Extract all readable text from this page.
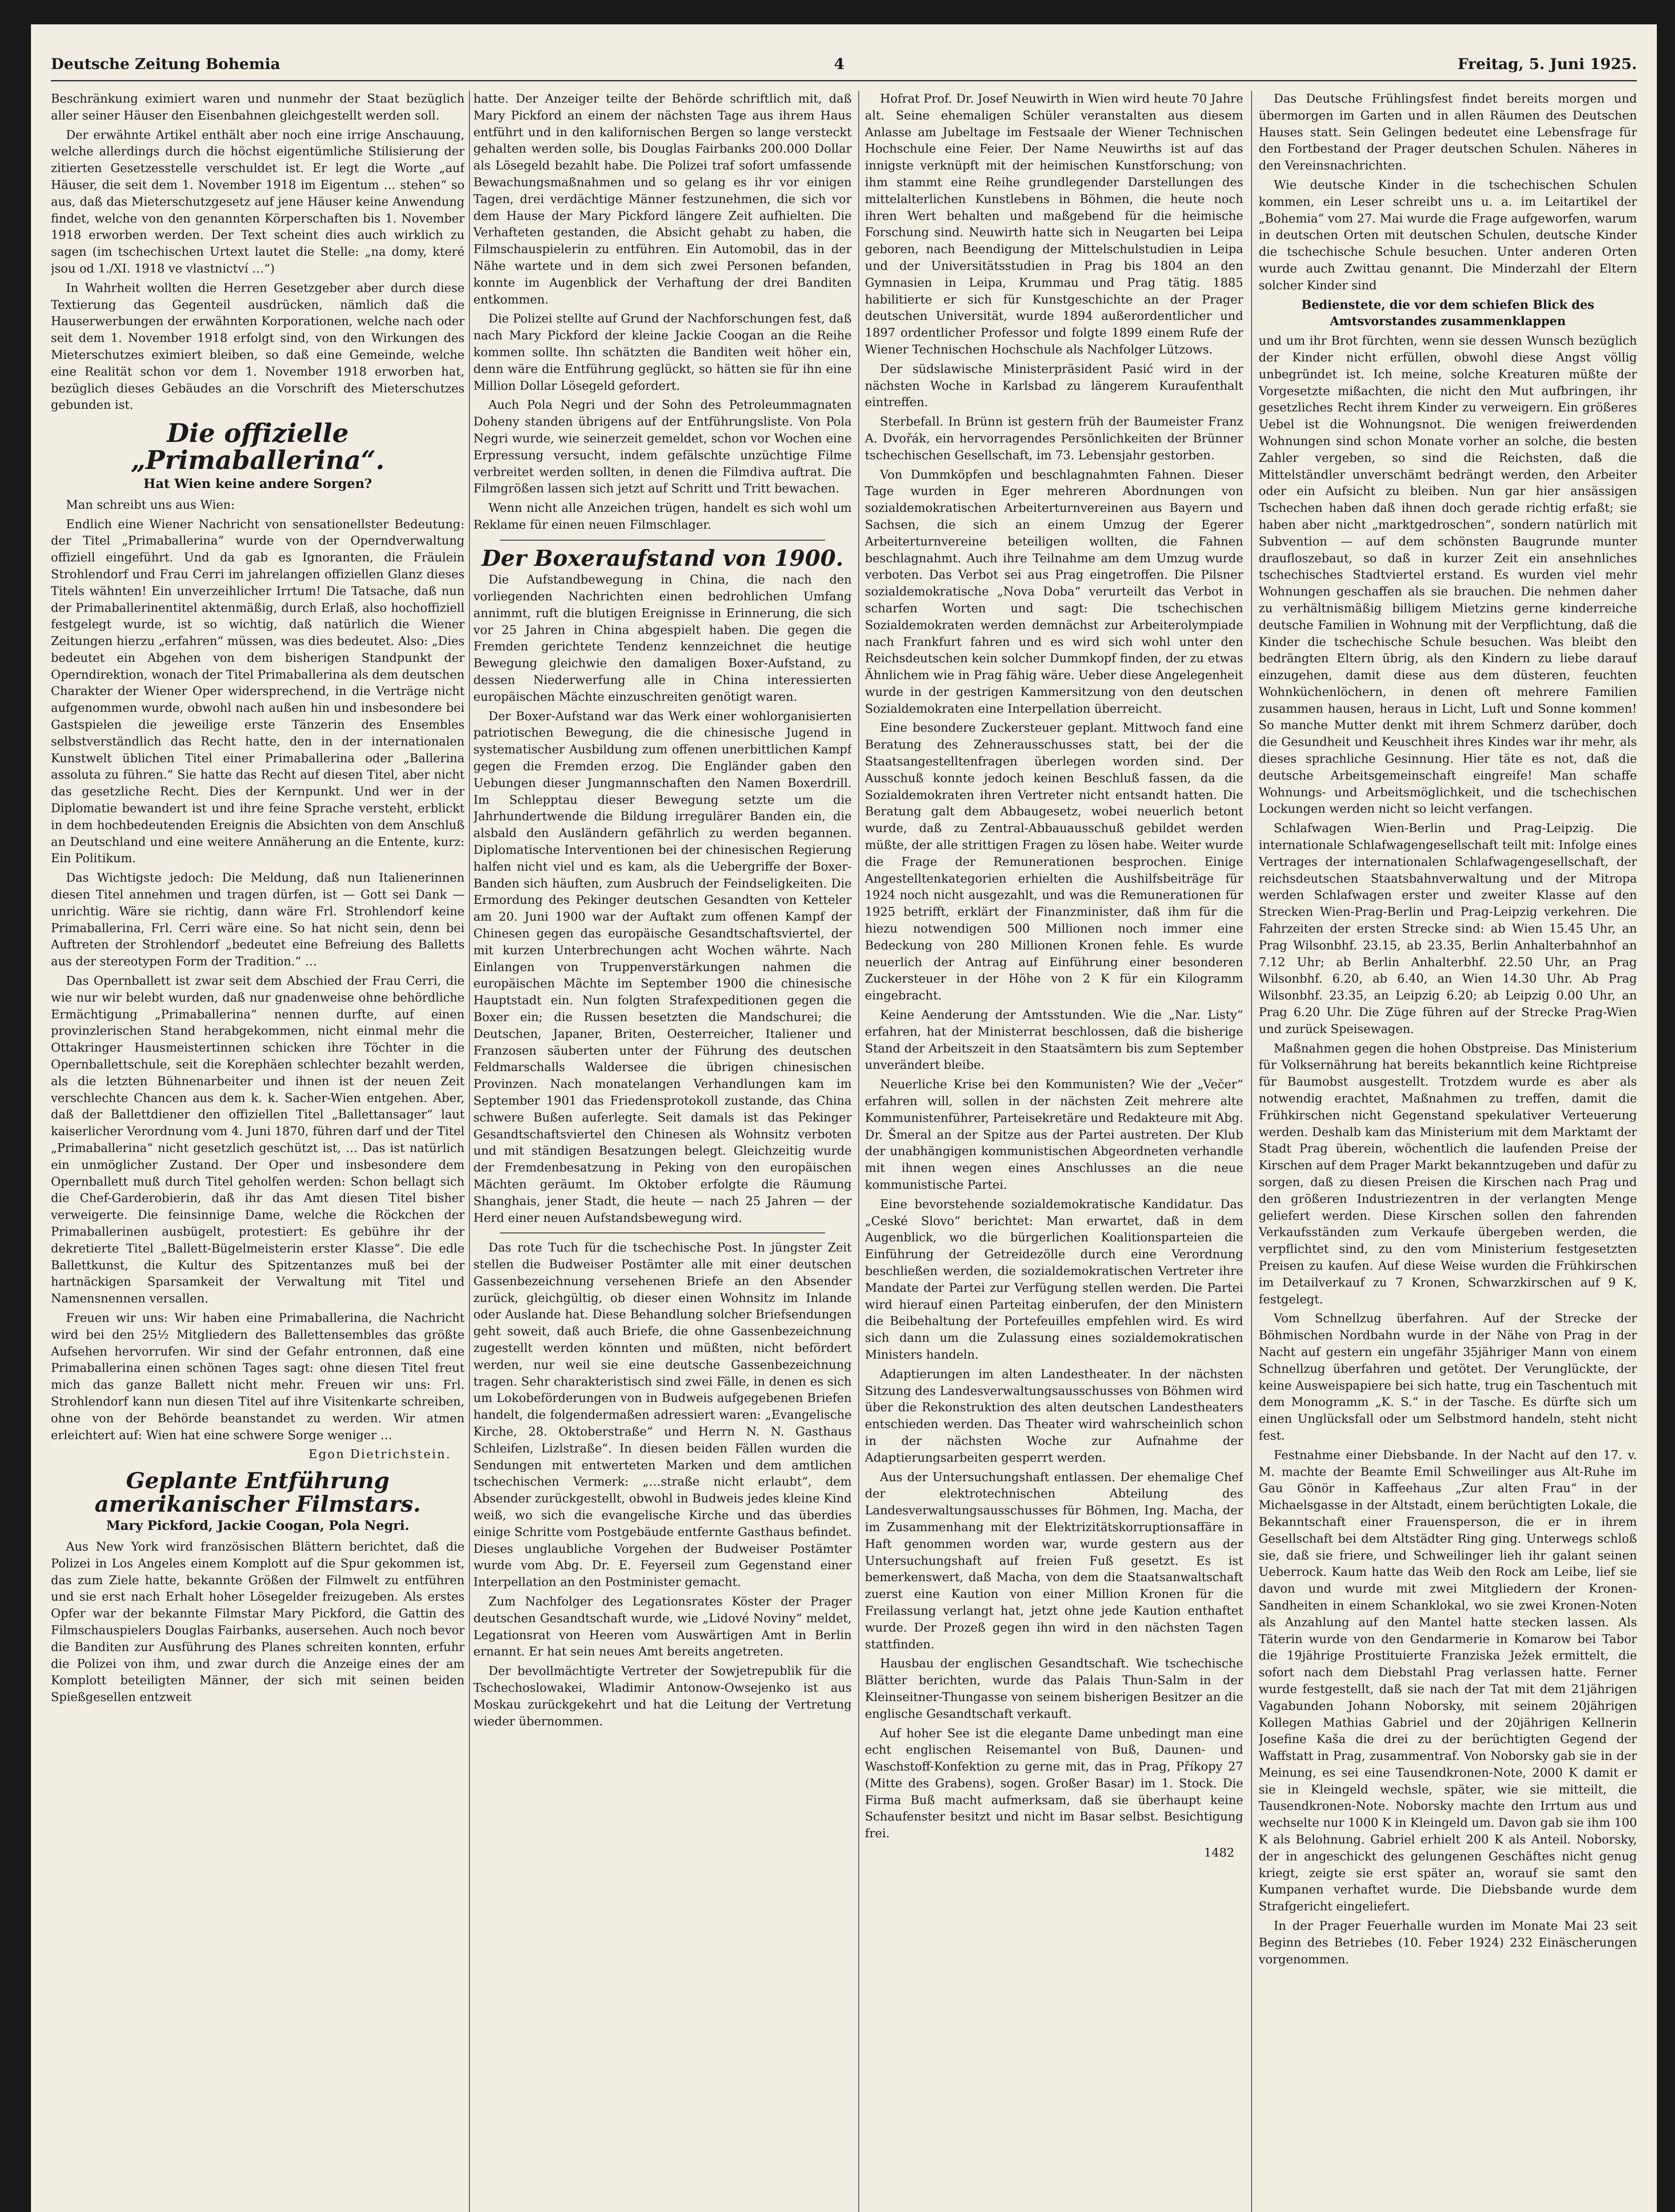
Deutsche Zeitung Bohemia	4	Freitag, 5. Juni 1925.

Beschränkung eximiert waren und nunmehr der Staat bezüglich aller seiner Häuser den Eisenbahnen gleichgestellt werden soll.

Der erwähnte Artikel enthält aber noch eine irrige Anschauung, welche allerdings durch die höchst eigentümliche Stilisierung der zitierten Gesetzesstelle verschuldet ist. Er legt die Worte „auf Häuser, die seit dem 1. November 1918 im Eigentum … stehen“ so aus, daß das Mieterschutzgesetz auf jene Häuser keine Anwendung findet, welche von den genannten Körperschaften bis 1. November 1918 erworben werden. Der Text scheint dies auch wirklich zu sagen (im tschechischen Urtext lautet die Stelle: „na domy, které jsou od 1./XI. 1918 ve vlastnictví …“)

In Wahrheit wollten die Herren Gesetzgeber aber durch diese Textierung das Gegenteil ausdrücken, nämlich daß die Hauserwerbungen der erwähnten Korporationen, welche nach oder seit dem 1. November 1918 erfolgt sind, von den Wirkungen des Mieterschutzes eximiert bleiben, so daß eine Gemeinde, welche eine Realität schon vor dem 1. November 1918 erworben hat, bezüglich dieses Gebäudes an die Vorschrift des Mieterschutzes gebunden ist.

Die offizielle „Primaballerina“.
Hat Wien keine andere Sorgen?

Man schreibt uns aus Wien:

Endlich eine Wiener Nachricht von sensationellster Bedeutung: der Titel „Primaballerina“ wurde von der Operndverwaltung offiziell eingeführt. Und da gab es Ignoranten, die Fräulein Strohlendorf und Frau Cerri im jahrelangen offiziellen Glanz dieses Titels wähnten! Ein unverzeihlicher Irrtum! Die Tatsache, daß nun der Primaballerinentitel aktenmäßig, durch Erlaß, also hochoffiziell festgelegt wurde, ist so wichtig, daß natürlich die Wiener Zeitungen hierzu „erfahren“ müssen, was dies bedeutet. Also: „Dies bedeutet ein Abgehen von dem bisherigen Standpunkt der Operndirektion, wonach der Titel Primaballerina als dem deutschen Charakter der Wiener Oper widersprechend, in die Verträge nicht aufgenommen wurde, obwohl nach außen hin und insbesondere bei Gastspielen die jeweilige erste Tänzerin des Ensembles selbstverständlich das Recht hatte, den in der internationalen Kunstwelt üblichen Titel einer Primaballerina oder „Ballerina assoluta zu führen.“ Sie hatte das Recht auf diesen Titel, aber nicht das gesetzliche Recht. Dies der Kernpunkt. Und wer in der Diplomatie bewandert ist und ihre feine Sprache versteht, erblickt in dem hochbedeutenden Ereignis die Absichten von dem Anschluß an Deutschland und eine weitere Annäherung an die Entente, kurz: Ein Politikum.

Das Wichtigste jedoch: Die Meldung, daß nun Italienerinnen diesen Titel annehmen und tragen dürfen, ist — Gott sei Dank — unrichtig. Wäre sie richtig, dann wäre Frl. Strohlendorf keine Primaballerina, Frl. Cerri wäre eine. So hat nicht sein, denn bei Auftreten der Strohlendorf „bedeutet eine Befreiung des Balletts aus der stereotypen Form der Tradition.“ …

Das Opernballett ist zwar seit dem Abschied der Frau Cerri, die wie nur wir belebt wurden, daß nur gnadenweise ohne behördliche Ermächtigung „Primaballerina“ nennen durfte, auf einen provinzlerischen Stand herabgekommen, nicht einmal mehr die Ottakringer Hausmeistertinnen schicken ihre Töchter in die Opernballettschule, seit die Korephäen schlechter bezahlt werden, als die letzten Bühnenarbeiter und ihnen ist der neuen Zeit verschlechte Chancen aus dem k. k. Sacher-Wien entgehen. Aber, daß der Ballettdiener den offiziellen Titel „Ballettansager“ laut kaiserlicher Verordnung vom 4. Juni 1870, führen darf und der Titel „Primaballerina“ nicht gesetzlich geschützt ist, … Das ist natürlich ein unmöglicher Zustand. Der Oper und insbesondere dem Opernballett muß durch Titel geholfen werden: Schon bellagt sich die Chef-Garderobierin, daß ihr das Amt diesen Titel bisher verweigerte. Die feinsinnige Dame, welche die Röckchen der Primaballerinen ausbügelt, protestiert: Es gebühre ihr der dekretierte Titel „Ballett-Bügelmeisterin erster Klasse“. Die edle Ballettkunst, die Kultur des Spitzentanzes muß bei der hartnäckigen Sparsamkeit der Verwaltung mit Titel und Namensnennen versallen.

Freuen wir uns: Wir haben eine Primaballerina, die Nachricht wird bei den 25½ Mitgliedern des Ballettensembles das größte Aufsehen hervorrufen. Wir sind der Gefahr entronnen, daß eine Primaballerina einen schönen Tages sagt: ohne diesen Titel freut mich das ganze Ballett nicht mehr. Freuen wir uns: Frl. Strohlendorf kann nun diesen Titel auf ihre Visitenkarte schreiben, ohne von der Behörde beanstandet zu werden. Wir atmen erleichtert auf: Wien hat eine schwere Sorge weniger …

Egon Dietrichstein.
Geplante Entführung amerikanischer Filmstars.
Mary Pickford, Jackie Coogan, Pola Negri.

Aus New York wird französischen Blättern berichtet, daß die Polizei in Los Angeles einem Komplott auf die Spur gekommen ist, das zum Ziele hatte, bekannte Größen der Filmwelt zu entführen und sie erst nach Erhalt hoher Lösegelder freizugeben. Als erstes Opfer war der bekannte Filmstar Mary Pickford, die Gattin des Filmschauspielers Douglas Fairbanks, ausersehen. Auch noch bevor die Banditen zur Ausführung des Planes schreiten konnten, erfuhr die Polizei von ihm, und zwar durch die Anzeige eines der am Komplott beteiligten Männer, der sich mit seinen beiden Spießgesellen entzweit

hatte. Der Anzeiger teilte der Behörde schriftlich mit, daß Mary Pickford an einem der nächsten Tage aus ihrem Haus entführt und in den kalifornischen Bergen so lange versteckt gehalten werden solle, bis Douglas Fairbanks 200.000 Dollar als Lösegeld bezahlt habe. Die Polizei traf sofort umfassende Bewachungsmaßnahmen und so gelang es ihr vor einigen Tagen, drei verdächtige Männer festzunehmen, die sich vor dem Hause der Mary Pickford längere Zeit aufhielten. Die Verhafteten gestanden, die Absicht gehabt zu haben, die Filmschauspielerin zu entführen. Ein Automobil, das in der Nähe wartete und in dem sich zwei Personen befanden, konnte im Augenblick der Verhaftung der drei Banditen entkommen.

Die Polizei stellte auf Grund der Nachforschungen fest, daß nach Mary Pickford der kleine Jackie Coogan an die Reihe kommen sollte. Ihn schätzten die Banditen weit höher ein, denn wäre die Entführung geglückt, so hätten sie für ihn eine Million Dollar Lösegeld gefordert.

Auch Pola Negri und der Sohn des Petroleummagnaten Doheny standen übrigens auf der Entführungsliste. Von Pola Negri wurde, wie seinerzeit gemeldet, schon vor Wochen eine Erpressung versucht, indem gefälschte unzüchtige Filme verbreitet werden sollten, in denen die Filmdiva auftrat. Die Filmgrößen lassen sich jetzt auf Schritt und Tritt bewachen.

Wenn nicht alle Anzeichen trügen, handelt es sich wohl um Reklame für einen neuen Filmschlager.

Der Boxeraufstand von 1900.

Die Aufstandbewegung in China, die nach den vorliegenden Nachrichten einen bedrohlichen Umfang annimmt, ruft die blutigen Ereignisse in Erinnerung, die sich vor 25 Jahren in China abgespielt haben. Die gegen die Fremden gerichtete Tendenz kennzeichnet die heutige Bewegung gleichwie den damaligen Boxer-Aufstand, zu dessen Niederwerfung alle in China interessierten europäischen Mächte einzuschreiten genötigt waren.

Der Boxer-Aufstand war das Werk einer wohlorganisierten patriotischen Bewegung, die die chinesische Jugend in systematischer Ausbildung zum offenen unerbittlichen Kampf gegen die Fremden erzog. Die Engländer gaben den Uebungen dieser Jungmannschaften den Namen Boxerdrill. Im Schlepptau dieser Bewegung setzte um die Jahrhundertwende die Bildung irregulärer Banden ein, die alsbald den Ausländern gefährlich zu werden begannen. Diplomatische Interventionen bei der chinesischen Regierung halfen nicht viel und es kam, als die Uebergriffe der Boxer-Banden sich häuften, zum Ausbruch der Feindseligkeiten. Die Ermordung des Pekinger deutschen Gesandten von Ketteler am 20. Juni 1900 war der Auftakt zum offenen Kampf der Chinesen gegen das europäische Gesandtschaftsviertel, der mit kurzen Unterbrechungen acht Wochen währte. Nach Einlangen von Truppenverstärkungen nahmen die europäischen Mächte im September 1900 die chinesische Hauptstadt ein. Nun folgten Strafexpeditionen gegen die Boxer ein; die Russen besetzten die Mandschurei; die Deutschen, Japaner, Briten, Oesterreicher, Italiener und Franzosen säuberten unter der Führung des deutschen Feldmarschalls Waldersee die übrigen chinesischen Provinzen. Nach monatelangen Verhandlungen kam im September 1901 das Friedensprotokoll zustande, das China schwere Bußen auferlegte. Seit damals ist das Pekinger Gesandtschaftsviertel den Chinesen als Wohnsitz verboten und mit ständigen Besatzungen belegt. Gleichzeitig wurde der Fremdenbesatzung in Peking von den europäischen Mächten geräumt. Im Oktober erfolgte die Räumung Shanghais, jener Stadt, die heute — nach 25 Jahren — der Herd einer neuen Aufstandsbewegung wird.

Das rote Tuch für die tschechische Post. In jüngster Zeit stellen die Budweiser Postämter alle mit einer deutschen Gassenbezeichnung versehenen Briefe an den Absender zurück, gleichgültig, ob dieser einen Wohnsitz im Inlande oder Auslande hat. Diese Behandlung solcher Briefsendungen geht soweit, daß auch Briefe, die ohne Gassenbezeichnung zugestellt werden könnten und müßten, nicht befördert werden, nur weil sie eine deutsche Gassenbezeichnung tragen. Sehr charakteristisch sind zwei Fälle, in denen es sich um Lokobeförderungen von in Budweis aufgegebenen Briefen handelt, die folgendermaßen adressiert waren: „Evangelische Kirche, 28. Oktoberstraße“ und Herrn N. N. Gasthaus Schleifen, Lizlstraße“. In diesen beiden Fällen wurden die Sendungen mit entwerteten Marken und dem amtlichen tschechischen Vermerk: „…straße nicht erlaubt“, dem Absender zurückgestellt, obwohl in Budweis jedes kleine Kind weiß, wo sich die evangelische Kirche und das überdies einige Schritte vom Postgebäude entfernte Gasthaus befindet. Dieses unglaubliche Vorgehen der Budweiser Postämter wurde vom Abg. Dr. E. Feyerseil zum Gegenstand einer Interpellation an den Postminister gemacht.

Zum Nachfolger des Legationsrates Köster der Prager deutschen Gesandtschaft wurde, wie „Lidové Noviny“ meldet, Legationsrat von Heeren vom Auswärtigen Amt in Berlin ernannt. Er hat sein neues Amt bereits angetreten.

Der bevollmächtigte Vertreter der Sowjetrepublik für die Tschechoslowakei, Wladimir Antonow-Owsejenko ist aus Moskau zurückgekehrt und hat die Leitung der Vertretung wieder übernommen.

Hofrat Prof. Dr. Josef Neuwirth in Wien wird heute 70 Jahre alt. Seine ehemaligen Schüler veranstalten aus diesem Anlasse am Jubeltage im Festsaale der Wiener Technischen Hochschule eine Feier. Der Name Neuwirths ist auf das innigste verknüpft mit der heimischen Kunstforschung; von ihm stammt eine Reihe grundlegender Darstellungen des mittelalterlichen Kunstlebens in Böhmen, die heute noch ihren Wert behalten und maßgebend für die heimische Forschung sind. Neuwirth hatte sich in Neugarten bei Leipa geboren, nach Beendigung der Mittelschulstudien in Leipa und der Universitätsstudien in Prag bis 1804 an den Gymnasien in Leipa, Krummau und Prag tätig. 1885 habilitierte er sich für Kunstgeschichte an der Prager deutschen Universität, wurde 1894 außerordentlicher und 1897 ordentlicher Professor und folgte 1899 einem Rufe der Wiener Technischen Hochschule als Nachfolger Lützows.

Der südslawische Ministerpräsident Pasić wird in der nächsten Woche in Karlsbad zu längerem Kuraufenthalt eintreffen.

Sterbefall. In Brünn ist gestern früh der Baumeister Franz A. Dvořák, ein hervorragendes Persönlichkeiten der Brünner tschechischen Gesellschaft, im 73. Lebensjahr gestorben.

Von Dummköpfen und beschlagnahmten Fahnen. Dieser Tage wurden in Eger mehreren Abordnungen von sozialdemokratischen Arbeiterturnvereinen aus Bayern und Sachsen, die sich an einem Umzug der Egerer Arbeiterturnvereine beteiligen wollten, die Fahnen beschlagnahmt. Auch ihre Teilnahme am dem Umzug wurde verboten. Das Verbot sei aus Prag eingetroffen. Die Pilsner sozialdemokratische „Nova Doba“ verurteilt das Verbot in scharfen Worten und sagt: Die tschechischen Sozialdemokraten werden demnächst zur Arbeiterolympiade nach Frankfurt fahren und es wird sich wohl unter den Reichsdeutschen kein solcher Dummkopf finden, der zu etwas Ähnlichem wie in Prag fähig wäre. Ueber diese Angelegenheit wurde in der gestrigen Kammersitzung von den deutschen Sozialdemokraten eine Interpellation überreicht.

Eine besondere Zuckersteuer geplant. Mittwoch fand eine Beratung des Zehnerausschusses statt, bei der die Staatsangestelltenfragen überlegen worden sind. Der Ausschuß konnte jedoch keinen Beschluß fassen, da die Sozialdemokraten ihren Vertreter nicht entsandt hatten. Die Beratung galt dem Abbaugesetz, wobei neuerlich betont wurde, daß zu Zentral-Abbauausschuß gebildet werden müßte, der alle strittigen Fragen zu lösen habe. Weiter wurde die Frage der Remunerationen besprochen. Einige Angestelltenkategorien erhielten die Aushilfsbeiträge für 1924 noch nicht ausgezahlt, und was die Remunerationen für 1925 betrifft, erklärt der Finanzminister, daß ihm für die hiezu notwendigen 500 Millionen noch immer eine Bedeckung von 280 Millionen Kronen fehle. Es wurde neuerlich der Antrag auf Einführung einer besonderen Zuckersteuer in der Höhe von 2 K für ein Kilogramm eingebracht.

Keine Aenderung der Amtsstunden. Wie die „Nar. Listy“ erfahren, hat der Ministerrat beschlossen, daß die bisherige Stand der Arbeitszeit in den Staatsämtern bis zum September unverändert bleibe.

Neuerliche Krise bei den Kommunisten? Wie der „Večer“ erfahren will, sollen in der nächsten Zeit mehrere alte Kommunistenführer, Parteisekretäre und Redakteure mit Abg. Dr. Šmeral an der Spitze aus der Partei austreten. Der Klub der unabhängigen kommunistischen Abgeordneten verhandle mit ihnen wegen eines Anschlusses an die neue kommunistische Partei.

Eine bevorstehende sozialdemokratische Kandidatur. Das „Ceské Slovo“ berichtet: Man erwartet, daß in dem Augenblick, wo die bürgerlichen Koalitionsparteien die Einführung der Getreidezölle durch eine Verordnung beschließen werden, die sozialdemokratischen Vertreter ihre Mandate der Partei zur Verfügung stellen werden. Die Partei wird hierauf einen Parteitag einberufen, der den Ministern die Beibehaltung der Portefeuilles empfehlen wird. Es wird sich dann um die Zulassung eines sozialdemokratischen Ministers handeln.

Adaptierungen im alten Landestheater. In der nächsten Sitzung des Landesverwaltungsausschusses von Böhmen wird über die Rekonstruktion des alten deutschen Landestheaters entschieden werden. Das Theater wird wahrscheinlich schon in der nächsten Woche zur Aufnahme der Adaptierungsarbeiten gesperrt werden.

Aus der Untersuchungshaft entlassen. Der ehemalige Chef der elektrotechnischen Abteilung des Landesverwaltungsausschusses für Böhmen, Ing. Macha, der im Zusammenhang mit der Elektrizitätskorruptionsaffäre in Haft genommen worden war, wurde gestern aus der Untersuchungshaft auf freien Fuß gesetzt. Es ist bemerkenswert, daß Macha, von dem die Staatsanwaltschaft zuerst eine Kaution von einer Million Kronen für die Freilassung verlangt hat, jetzt ohne jede Kaution enthaftet wurde. Der Prozeß gegen ihn wird in den nächsten Tagen stattfinden.

Hausbau der englischen Gesandtschaft. Wie tschechische Blätter berichten, wurde das Palais Thun-Salm in der Kleinseitner-Thungasse von seinem bisherigen Besitzer an die englische Gesandtschaft verkauft.

Auf hoher See ist die elegante Dame unbedingt man eine echt englischen Reisemantel von Buß, Daunen- und Waschstoff-Konfektion zu gerne mit, das in Prag, Příkopy 27 (Mitte des Grabens), sogen. Großer Basar) im 1. Stock. Die Firma Buß macht aufmerksam, daß sie überhaupt keine Schaufenster besitzt und nicht im Basar selbst. Besichtigung frei.

1482

Das Deutsche Frühlingsfest findet bereits morgen und übermorgen im Garten und in allen Räumen des Deutschen Hauses statt. Sein Gelingen bedeutet eine Lebensfrage für den Fortbestand der Prager deutschen Schulen. Näheres in den Vereinsnachrichten.

Wie deutsche Kinder in die tschechischen Schulen kommen, ein Leser schreibt uns u. a. im Leitartikel der „Bohemia“ vom 27. Mai wurde die Frage aufgeworfen, warum in deutschen Orten mit deutschen Schulen, deutsche Kinder die tschechische Schule besuchen. Unter anderen Orten wurde auch Zwittau genannt. Die Minderzahl der Eltern solcher Kinder sind

Bedienstete, die vor dem schiefen Blick des Amtsvorstandes zusammenklappen

und um ihr Brot fürchten, wenn sie dessen Wunsch bezüglich der Kinder nicht erfüllen, obwohl diese Angst völlig unbegründet ist. Ich meine, solche Kreaturen müßte der Vorgesetzte mißachten, die nicht den Mut aufbringen, ihr gesetzliches Recht ihrem Kinder zu verweigern. Ein größeres Uebel ist die Wohnungsnot. Die wenigen freiwerdenden Wohnungen sind schon Monate vorher an solche, die besten Zahler vergeben, so sind die Reichsten, daß die Mittelständler unverschämt bedrängt werden, den Arbeiter oder ein Aufsicht zu bleiben. Nun gar hier ansässigen Tschechen haben daß ihnen doch gerade richtig erfaßt; sie haben aber nicht „marktgedroschen“, sondern natürlich mit Subvention — auf dem schönsten Baugrunde munter draufloszebaut, so daß in kurzer Zeit ein ansehnliches tschechisches Stadtviertel erstand. Es wurden viel mehr Wohnungen geschaffen als sie brauchen. Die nehmen daher zu verhältnismäßig billigem Mietzins gerne kinderreiche deutsche Familien in Wohnung mit der Verpflichtung, daß die Kinder die tschechische Schule besuchen. Was bleibt den bedrängten Eltern übrig, als den Kindern zu liebe darauf einzugehen, damit diese aus dem düsteren, feuchten Wohnküchenlöchern, in denen oft mehrere Familien zusammen hausen, heraus in Licht, Luft und Sonne kommen! So manche Mutter denkt mit ihrem Schmerz darüber, doch die Gesundheit und Keuschheit ihres Kindes war ihr mehr, als dieses sprachliche Gesinnung. Hier täte es not, daß die deutsche Arbeitsgemeinschaft eingreife! Man schaffe Wohnungs- und Arbeitsmöglichkeit, und die tschechischen Lockungen werden nicht so leicht verfangen.

Schlafwagen Wien-Berlin und Prag-Leipzig. Die internationale Schlafwagengesellschaft teilt mit: Infolge eines Vertrages der internationalen Schlafwagengesellschaft, der reichsdeutschen Staatsbahnverwaltung und der Mitropa werden Schlafwagen erster und zweiter Klasse auf den Strecken Wien-Prag-Berlin und Prag-Leipzig verkehren. Die Fahrzeiten der ersten Strecke sind: ab Wien 15.45 Uhr, an Prag Wilsonbhf. 23.15, ab 23.35, Berlin Anhalterbahnhof an 7.12 Uhr; ab Berlin Anhalterbhf. 22.50 Uhr, an Prag Wilsonbhf. 6.20, ab 6.40, an Wien 14.30 Uhr. Ab Prag Wilsonbhf. 23.35, an Leipzig 6.20; ab Leipzig 0.00 Uhr, an Prag 6.20 Uhr. Die Züge führen auf der Strecke Prag-Wien und zurück Speisewagen.

Maßnahmen gegen die hohen Obstpreise. Das Ministerium für Volksernährung hat bereits bekanntlich keine Richtpreise für Baumobst ausgestellt. Trotzdem wurde es aber als notwendig erachtet, Maßnahmen zu treffen, damit die Frühkirschen nicht Gegenstand spekulativer Verteuerung werden. Deshalb kam das Ministerium mit dem Marktamt der Stadt Prag überein, wöchentlich die laufenden Preise der Kirschen auf dem Prager Markt bekanntzugeben und dafür zu sorgen, daß zu diesen Preisen die Kirschen nach Prag und den größeren Industriezentren in der verlangten Menge geliefert werden. Diese Kirschen sollen den fahrenden Verkaufsständen zum Verkaufe übergeben werden, die verpflichtet sind, zu den vom Ministerium festgesetzten Preisen zu kaufen. Auf diese Weise wurden die Frühkirschen im Detailverkauf zu 7 Kronen, Schwarzkirschen auf 9 K, festgelegt.

Vom Schnellzug überfahren. Auf der Strecke der Böhmischen Nordbahn wurde in der Nähe von Prag in der Nacht auf gestern ein ungefähr 35jähriger Mann von einem Schnellzug überfahren und getötet. Der Verunglückte, der keine Ausweispapiere bei sich hatte, trug ein Taschentuch mit dem Monogramm „K. S.“ in der Tasche. Es dürfte sich um einen Unglücksfall oder um Selbstmord handeln, steht nicht fest.

Festnahme einer Diebsbande. In der Nacht auf den 17. v. M. machte der Beamte Emil Schweilinger aus Alt-Ruhe im Gau Gönör in Kaffeehaus „Zur alten Frau“ in der Michaelsgasse in der Altstadt, einem berüchtigten Lokale, die Bekanntschaft einer Frauensperson, die er in ihrem Gesellschaft bei dem Altstädter Ring ging. Unterwegs schloß sie, daß sie friere, und Schweilinger lieh ihr galant seinen Ueberrock. Kaum hatte das Weib den Rock am Leibe, lief sie davon und wurde mit zwei Mitgliedern der Kronen-Sandheiten in einem Schanklokal, wo sie zwei Kronen-Noten als Anzahlung auf den Mantel hatte stecken lassen. Als Täterin wurde von den Gendarmerie in Komarow bei Tabor die 19jährige Prostituierte Franziska Ježek ermittelt, die sofort nach dem Diebstahl Prag verlassen hatte. Ferner wurde festgestellt, daß sie nach der Tat mit dem 21jährigen Vagabunden Johann Noborsky, mit seinem 20jährigen Kollegen Mathias Gabriel und der 20jährigen Kellnerin Josefine Kaša die drei zu der berüchtigten Gegend der Waffstatt in Prag, zusammentraf. Von Noborsky gab sie in der Meinung, es sei eine Tausendkronen-Note, 2000 K damit er sie in Kleingeld wechsle, später, wie sie mitteilt, die Tausendkronen-Note. Noborsky machte den Irrtum aus und wechselte nur 1000 K in Kleingeld um. Davon gab sie ihm 100 K als Belohnung. Gabriel erhielt 200 K als Anteil. Noborsky, der in angeschickt des gelungenen Geschäftes nicht genug kriegt, zeigte sie erst später an, worauf sie samt den Kumpanen verhaftet wurde. Die Diebsbande wurde dem Strafgericht eingeliefert.

In der Prager Feuerhalle wurden im Monate Mai 23 seit Beginn des Betriebes (10. Feber 1924) 232 Einäscherungen vorgenommen.
